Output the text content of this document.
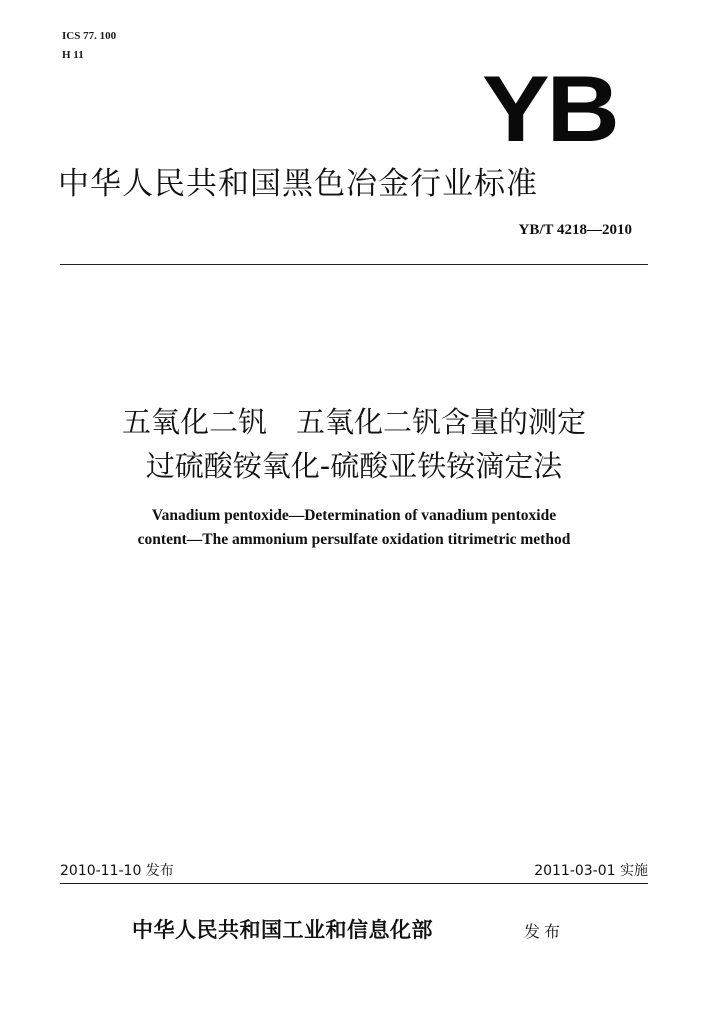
ICS 77. 100
H 11
YB
中华人民共和国黑色冶金行业标准
YB/T 4218—2010
五氧化二钒　五氧化二钒含量的测定
过硫酸铵氧化-硫酸亚铁铵滴定法
Vanadium pentoxide—Determination of vanadium pentoxide
content—The ammonium persulfate oxidation titrimetric method
2010-11-10 发布	2011-03-01 实施
中华人民共和国工业和信息化部	发布
